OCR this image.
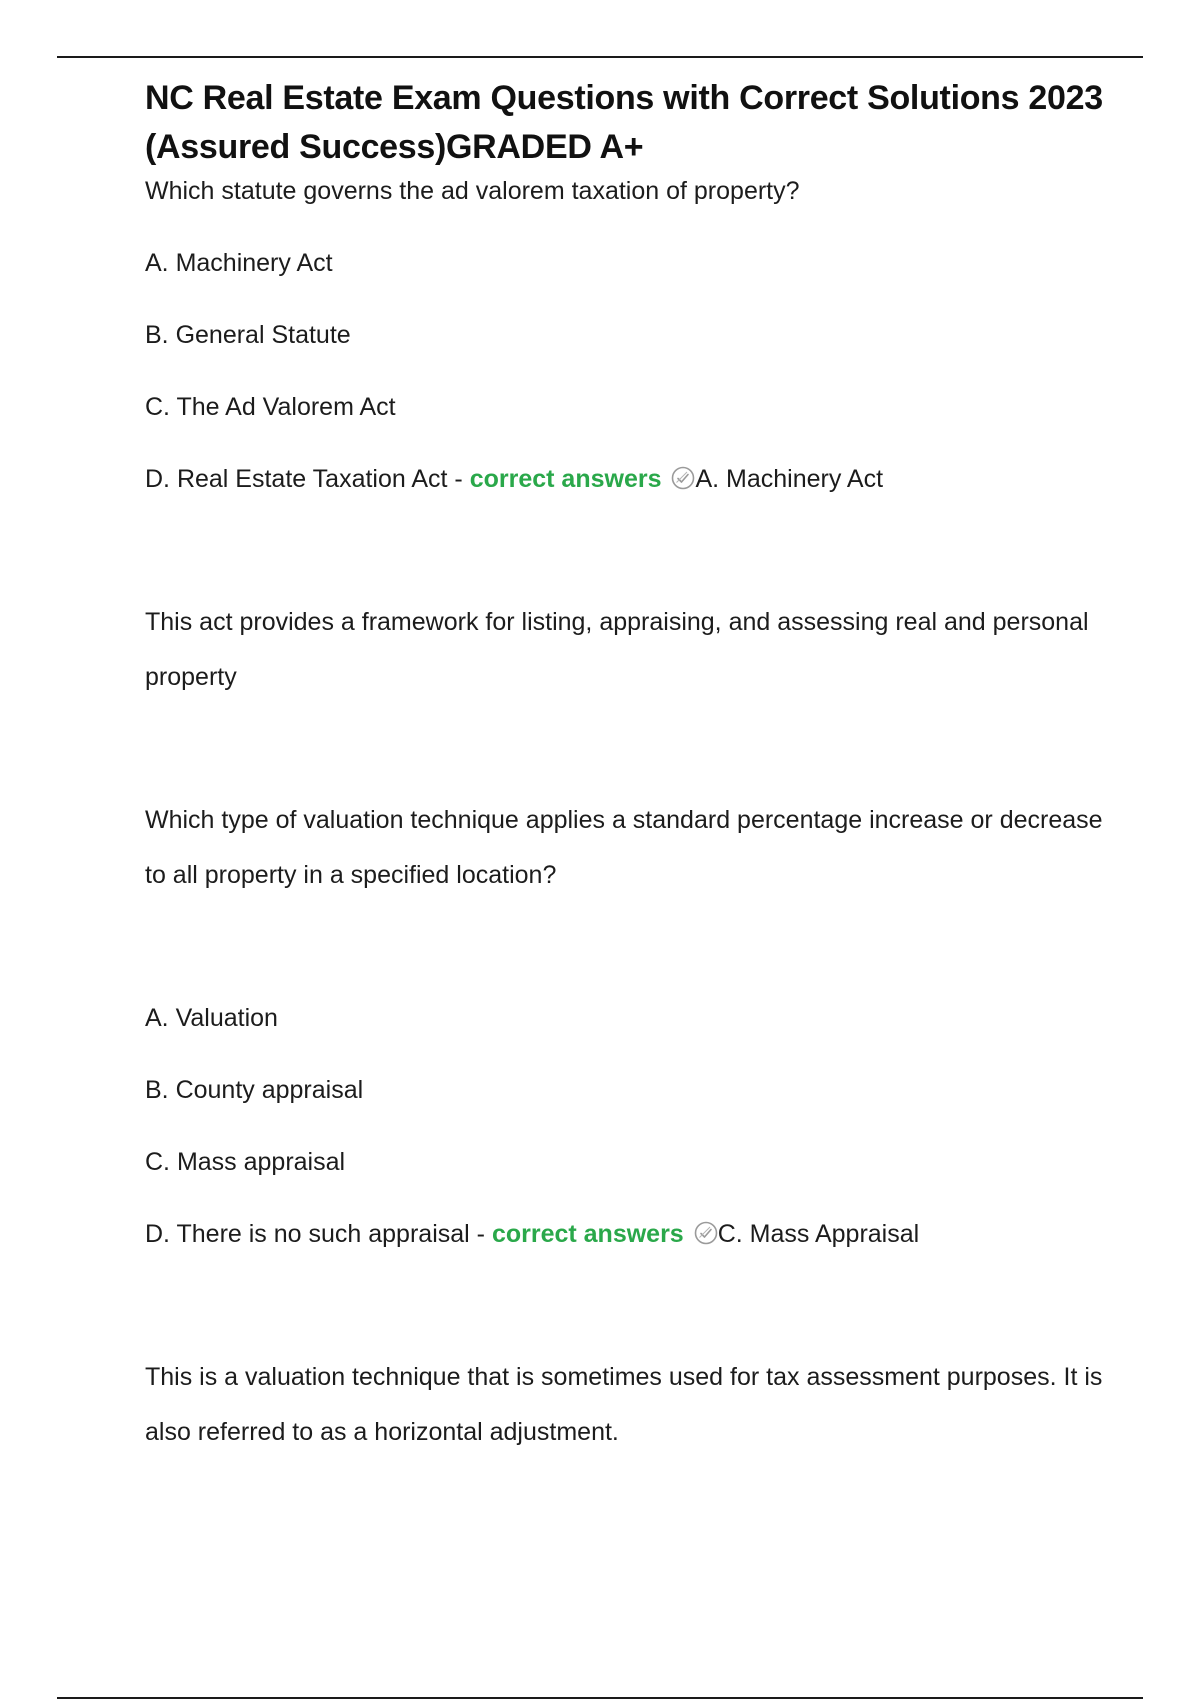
NC Real Estate Exam Questions with Correct Solutions 2023 (Assured Success)GRADED A+

Which statute governs the ad valorem taxation of property?

A. Machinery Act

B. General Statute

C. The Ad Valorem Act

D. Real Estate Taxation Act - correct answers A. Machinery Act

This act provides a framework for listing, appraising, and assessing real and personal property

Which type of valuation technique applies a standard percentage increase or decrease to all property in a specified location?

A. Valuation

B. County appraisal

C. Mass appraisal

D. There is no such appraisal - correct answers C. Mass Appraisal

This is a valuation technique that is sometimes used for tax assessment purposes. It is also referred to as a horizontal adjustment.
